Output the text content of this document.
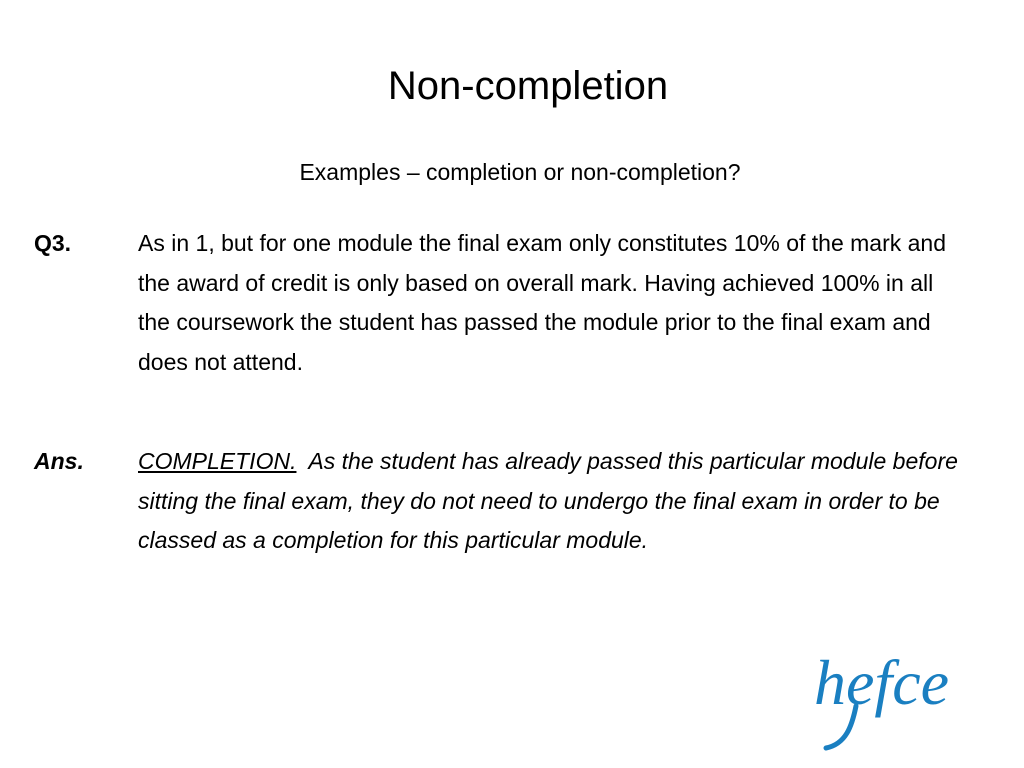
Non-completion
Examples – completion or non-completion?
Q3.	As in 1, but for one module the final exam only constitutes 10% of the mark and the award of credit is only based on overall mark. Having achieved 100% in all the coursework the student has passed the module prior to the final exam and does not attend.
Ans. COMPLETION. As the student has already passed this particular module before sitting the final exam, they do not need to undergo the final exam in order to be classed as a completion for this particular module.
hefce
